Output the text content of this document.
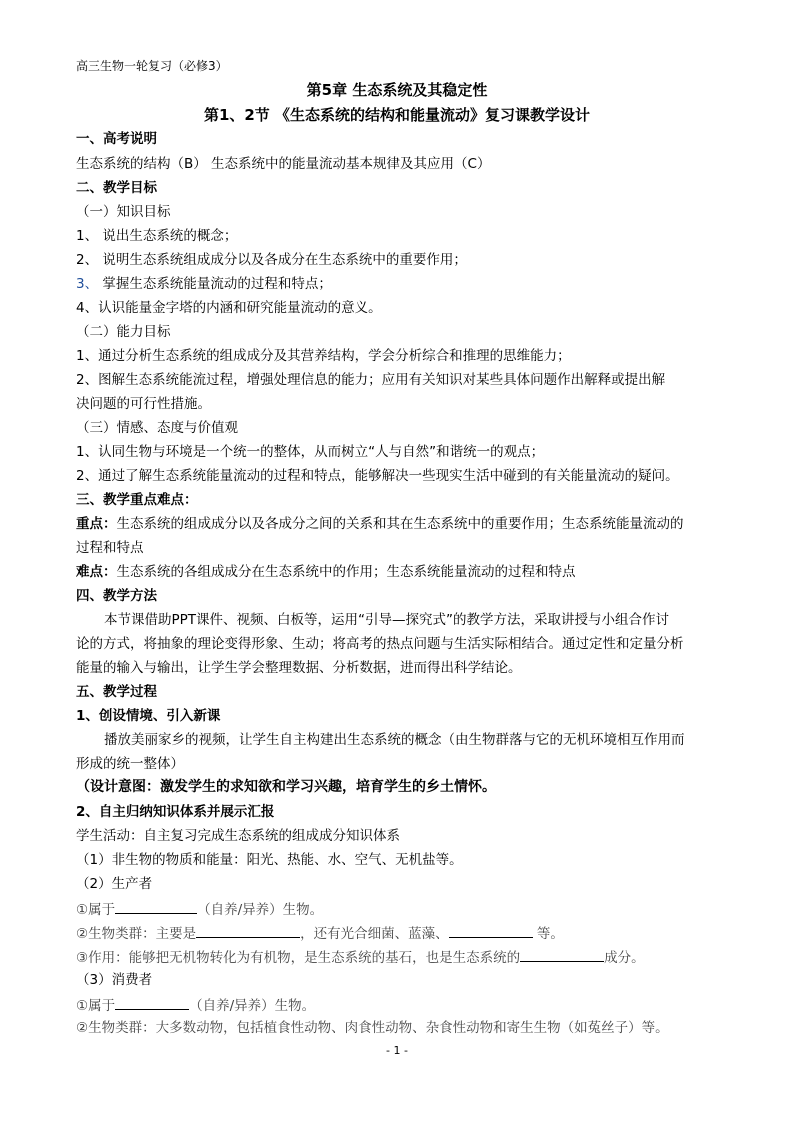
高三生物一轮复习（必修3）
第5章 生态系统及其稳定性
第1、2节 《生态系统的结构和能量流动》复习课教学设计
一、高考说明
生态系统的结构（B） 生态系统中的能量流动基本规律及其应用（C）
二、教学目标
（一）知识目标
1、 说出生态系统的概念；
2、 说明生态系统组成成分以及各成分在生态系统中的重要作用；
3、 掌握生态系统能量流动的过程和特点；
4、认识能量金字塔的内涵和研究能量流动的意义。
（二）能力目标
1、通过分析生态系统的组成成分及其营养结构，学会分析综合和推理的思维能力；
2、图解生态系统能流过程，增强处理信息的能力；应用有关知识对某些具体问题作出解释或提出解
决问题的可行性措施。
（三）情感、态度与价值观
1、认同生物与环境是一个统一的整体，从而树立“人与自然”和谐统一的观点；
2、通过了解生态系统能量流动的过程和特点，能够解决一些现实生活中碰到的有关能量流动的疑问。
三、教学重点难点：
重点：生态系统的组成成分以及各成分之间的关系和其在生态系统中的重要作用；生态系统能量流动的
过程和特点
难点：生态系统的各组成成分在生态系统中的作用；生态系统能量流动的过程和特点
四、教学方法
本节课借助PPT课件、视频、白板等，运用“引导—探究式”的教学方法，采取讲授与小组合作讨
论的方式，将抽象的理论变得形象、生动；将高考的热点问题与生活实际相结合。通过定性和定量分析
能量的输入与输出，让学生学会整理数据、分析数据，进而得出科学结论。
五、教学过程
1、创设情境、引入新课
播放美丽家乡的视频，让学生自主构建出生态系统的概念（由生物群落与它的无机环境相互作用而
形成的统一整体）
（设计意图：激发学生的求知欲和学习兴趣，培育学生的乡土情怀。
2、自主归纳知识体系并展示汇报
学生活动：自主复习完成生态系统的组成成分知识体系
（1）非生物的物质和能量：阳光、热能、水、空气、无机盐等。
（2）生产者
①属于	（自养/异养）生物。
②生物类群：主要是	，还有光合细菌、蓝藻、	等。
③作用：能够把无机物转化为有机物，是生态系统的基石，也是生态系统的	成分。
（3）消费者
①属于	（自养/异养）生物。
②生物类群：大多数动物，包括植食性动物、肉食性动物、杂食性动物和寄生生物（如菟丝子）等。
- 1 -
